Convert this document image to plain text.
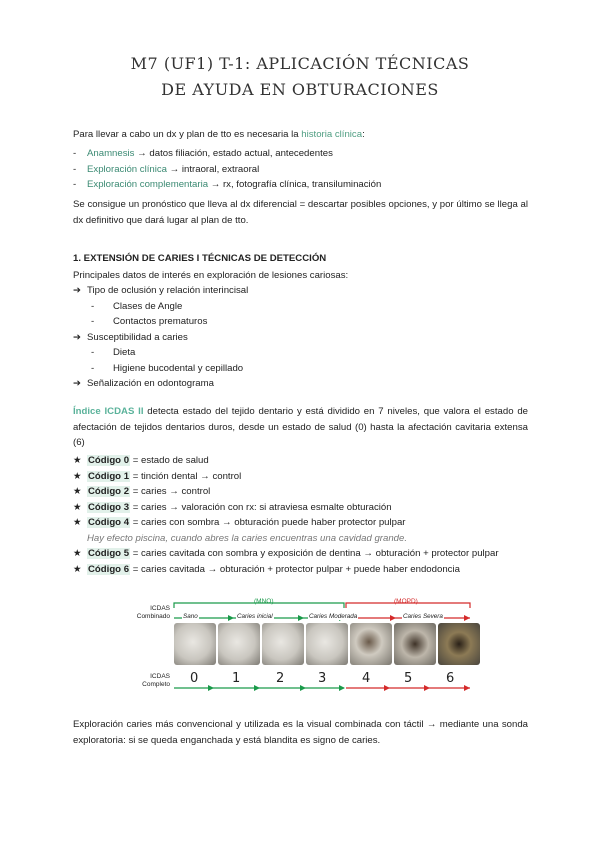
M7 (UF1) T-1: APLICACIÓN TÉCNICAS
DE AYUDA EN OBTURACIONES
Para llevar a cabo un dx y plan de tto es necesaria la historia clínica:
- Anamnesis → datos filiación, estado actual, antecedentes
- Exploración clínica → intraoral, extraoral
- Exploración complementaria → rx, fotografía clínica, transiluminación
Se consigue un pronóstico que lleva al dx diferencial = descartar posibles opciones, y por último se llega al dx definitivo que dará lugar al plan de tto.
1. EXTENSIÓN DE CARIES I TÉCNICAS DE DETECCIÓN
Principales datos de interés en exploración de lesiones cariosas:
➔ Tipo de oclusión y relación interincisal
- Clases de Angle
- Contactos prematuros
➔ Susceptibilidad a caries
- Dieta
- Higiene bucodental y cepillado
➔ Señalización en odontograma
Índice ICDAS II detecta estado del tejido dentario y está dividido en 7 niveles, que valora el estado de afectación de tejidos dentarios duros, desde un estado de salud (0) hasta la afectación cavitaria extensa (6)
★ Código 0 = estado de salud
★ Código 1 = tinción dental → control
★ Código 2 = caries → control
★ Código 3 = caries → valoración con rx: si atraviesa esmalte obturación
★ Código 4 = caries con sombra → obturación puede haber protector pulpar
Hay efecto piscina, cuando abres la caries encuentras una cavidad grande.
★ Código 5 = caries cavitada con sombra y exposición de dentina → obturación + protector pulpar
★ Código 6 = caries cavitada → obturación + protector pulpar + puede haber endodoncia
ICDAS
Combinado
ICDAS
Completo
(MNO)	(MOPD)
Sano	Caries inicial	Caries Moderada	Caries Severa
0	1	2	3	4	5	6
Exploración caries más convencional y utilizada es la visual combinada con táctil → mediante una sonda exploratoria: si se queda enganchada y está blandita es signo de caries.
